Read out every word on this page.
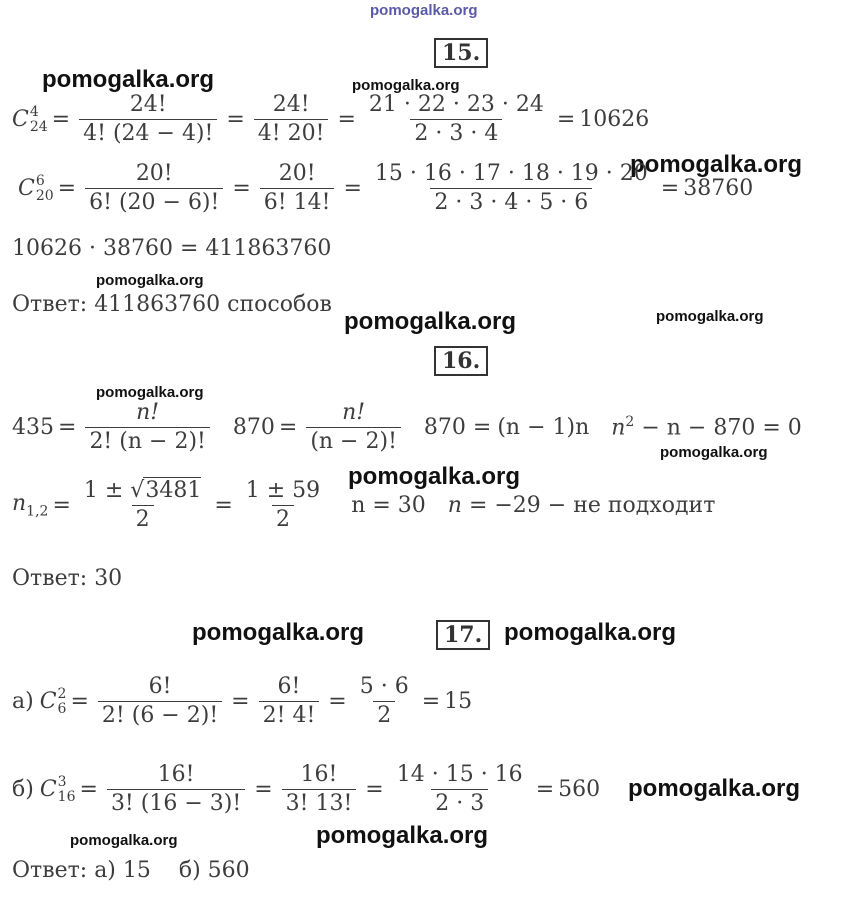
pomogalka.org
pomogalka.org	pomogalka.org
pomogalka.org
pomogalka.org
pomogalka.org	pomogalka.org
pomogalka.org
pomogalka.org
pomogalka.org
pomogalka.org	pomogalka.org
pomogalka.org
pomogalka.org	pomogalka.org
15.
C 4
$24 = \frac{24!}{4! (24 - 4)!} = \frac{24!}{4! 20!} = \frac{21 \cdot 22 \cdot 23 \cdot 24}{2 \cdot 3 \cdot 4} = 10626$
C 6
$20 = \frac{20!}{6! (20 - 6)!} = \frac{20!}{6! 14!} = \frac{15 \cdot 16 \cdot 17 \cdot 18 \cdot 19 \cdot 20}{2 \cdot 3 \cdot 4 \cdot 5 \cdot 6} = 38760$
10626 · 38760 = 411863760
Ответ: 411863760 способов
16.
$435 = \frac{n!}{2! (n - 2)!} 870 = \frac{n!}{(n - 2)!} 870 = (n - 1)n$ $n^2 - n - 870 = 0$
$n_{1,2} = \frac{1 \pm √3481}{2} = \frac{1 \pm 59}{2}$ n = 30 n = −29 − не подходит
Ответ: 30
17.
а) C 2
$6 = \frac{6!}{2! (6 - 2)!} = \frac{6!}{2! 4!} = \frac{5 \cdot 6}{2} = 15$
б) C 3
$16 = \frac{16!}{3! (16 - 3)!} = \frac{16!}{3! 13!} = \frac{14 \cdot 15 \cdot 16}{2 \cdot 3} = 560$
Ответ: а) 15    б) 560
